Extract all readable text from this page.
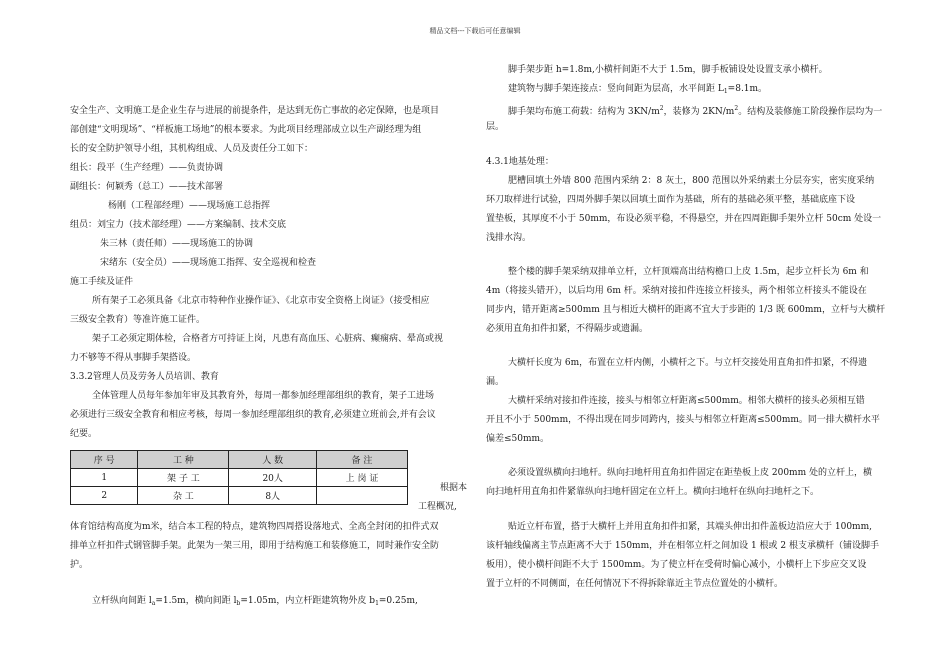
精品文档---下载后可任意编辑

安全生产、文明施工是企业生存与进展的前提条件，是达到无伤亡事故的必定保障，也是项目

部创建“文明现场”、“样板施工场地”的根本要求。为此项目经理部成立以生产副经理为组

长的安全防护领导小组，其机构组成、人员及责任分工如下：

组长：段平（生产经理）——负责协调

副组长：何颖秀（总工）——技术部署

杨刚（工程部经理）——现场施工总指挥

组员：刘宝力（技术部经理）——方案编制、技术交底

朱三林（责任师）——现场施工的协调

宋绪东（安全员）——现场施工指挥、安全巡视和检查

施工手续及证件

所有架子工必须具备《北京市特种作业操作证》、《北京市安全资格上岗证》（接受相应

三级安全教育）等准许施工证件。

架子工必须定期体检，合格者方可持证上岗，凡患有高血压、心脏病、癫痫病、晕高或视

力不够等不得从事脚手架搭设。

3.3.2管理人员及劳务人员培训、教育

全体管理人员每年参加年审及其教育外，每周一都参加经理部组织的教育，架子工进场

必须进行三级安全教育和相应考核，每周一参加经理部组织的教育,必须建立班前会,并有会议

纪要。

根据本

工程概况,

体育馆结构高度为m米，结合本工程的特点，建筑物四周搭设落地式、全高全封闭的扣件式双

排单立杆扣件式钢管脚手架。此架为一架三用，即用于结构施工和装修施工，同时兼作安全防

护。

立杆纵向间距 $l_a=1.5m$，横向间距 $l_b=1.05m$，内立杆距建筑物外皮 $b_1=0.25m$,

序 号	工 种	人 数	备 注
1	架 子 工	20人	上 岗 证
2	杂 工	8人	

脚手架步距 h=1.8m,小横杆间距不大于 1.5m，脚手板铺设处设置支承小横杆。

建筑物与脚手架连接点：竖向间距为层高，水平间距 $L_1=8.1m$。

脚手架均布施工荷载：结构为 $3KN/m^2$，装修为 $2KN/m^2$。结构及装修施工阶段操作层均为一

层。

4.3.1地基处理：

肥槽回填土外墙 800 范围内采纳 2：8 灰土，800 范围以外采纳素土分层夯实，密实度采纳

环刀取样进行试验，四周外脚手架以回填土面作为基础，所有的基础必须平整，基础底座下设

置垫板，其厚度不小于 50mm，布设必须平稳，不得悬空，并在四周距脚手架外立杆 50cm 处设一

浅排水沟。

整个楼的脚手架采纳双排单立杆，立杆顶端高出结构檐口上皮 1.5m，起步立杆长为 6m 和

4m（将接头错开），以后均用 6m 杆。采纳对接扣件连接立杆接头，两个相邻立杆接头不能设在

同步内，错开距离≥500mm 且与相近大横杆的距离不宜大于步距的 1/3 既 600mm，立杆与大横杆

必须用直角扣件扣紧，不得隔步或遗漏。

大横杆长度为 6m，布置在立杆内侧，小横杆之下。与立杆交接处用直角扣件扣紧，不得遗

漏。

大横杆采纳对接扣件连接，接头与相邻立杆距离≤500mm。相邻大横杆的接头必须相互错

开且不小于 500mm，不得出现在同步同跨内，接头与相邻立杆距离≤500mm。同一排大横杆水平

偏差≤50mm。

必须设置纵横向扫地杆。纵向扫地杆用直角扣件固定在距垫板上皮 200mm 处的立杆上，横

向扫地杆用直角扣件紧靠纵向扫地杆固定在立杆上。横向扫地杆在纵向扫地杆之下。

贴近立杆布置，搭于大横杆上并用直角扣件扣紧，其端头伸出扣件盖板边沿应大于 100mm,

该杆轴线偏离主节点距离不大于 150mm，并在相邻立杆之间加设 1 根或 2 根支承横杆（铺设脚手

板用），使小横杆间距不大于 1500mm。为了使立杆在受荷时偏心减小，小横杆上下步应交叉设

置于立杆的不同侧面，在任何情况下不得拆除靠近主节点位置处的小横杆。
